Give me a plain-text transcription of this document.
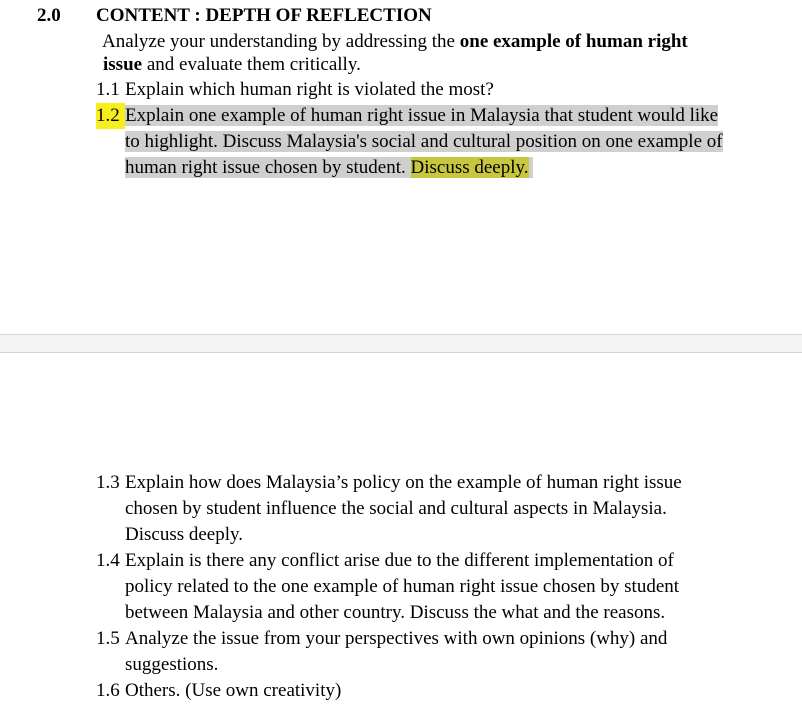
2.0 CONTENT : DEPTH OF REFLECTION
Analyze your understanding by addressing the one example of human right
issue and evaluate them critically.
1.1 Explain which human right is violated the most?
1.2 Explain one example of human right issue in Malaysia that student would like
to highlight. Discuss Malaysia's social and cultural position on one example of
human right issue chosen by student. Discuss deeply.
1.3 Explain how does Malaysia’s policy on the example of human right issue
chosen by student influence the social and cultural aspects in Malaysia.
Discuss deeply.
1.4 Explain is there any conflict arise due to the different implementation of
policy related to the one example of human right issue chosen by student
between Malaysia and other country. Discuss the what and the reasons.
1.5 Analyze the issue from your perspectives with own opinions (why) and
suggestions.
1.6 Others. (Use own creativity)
